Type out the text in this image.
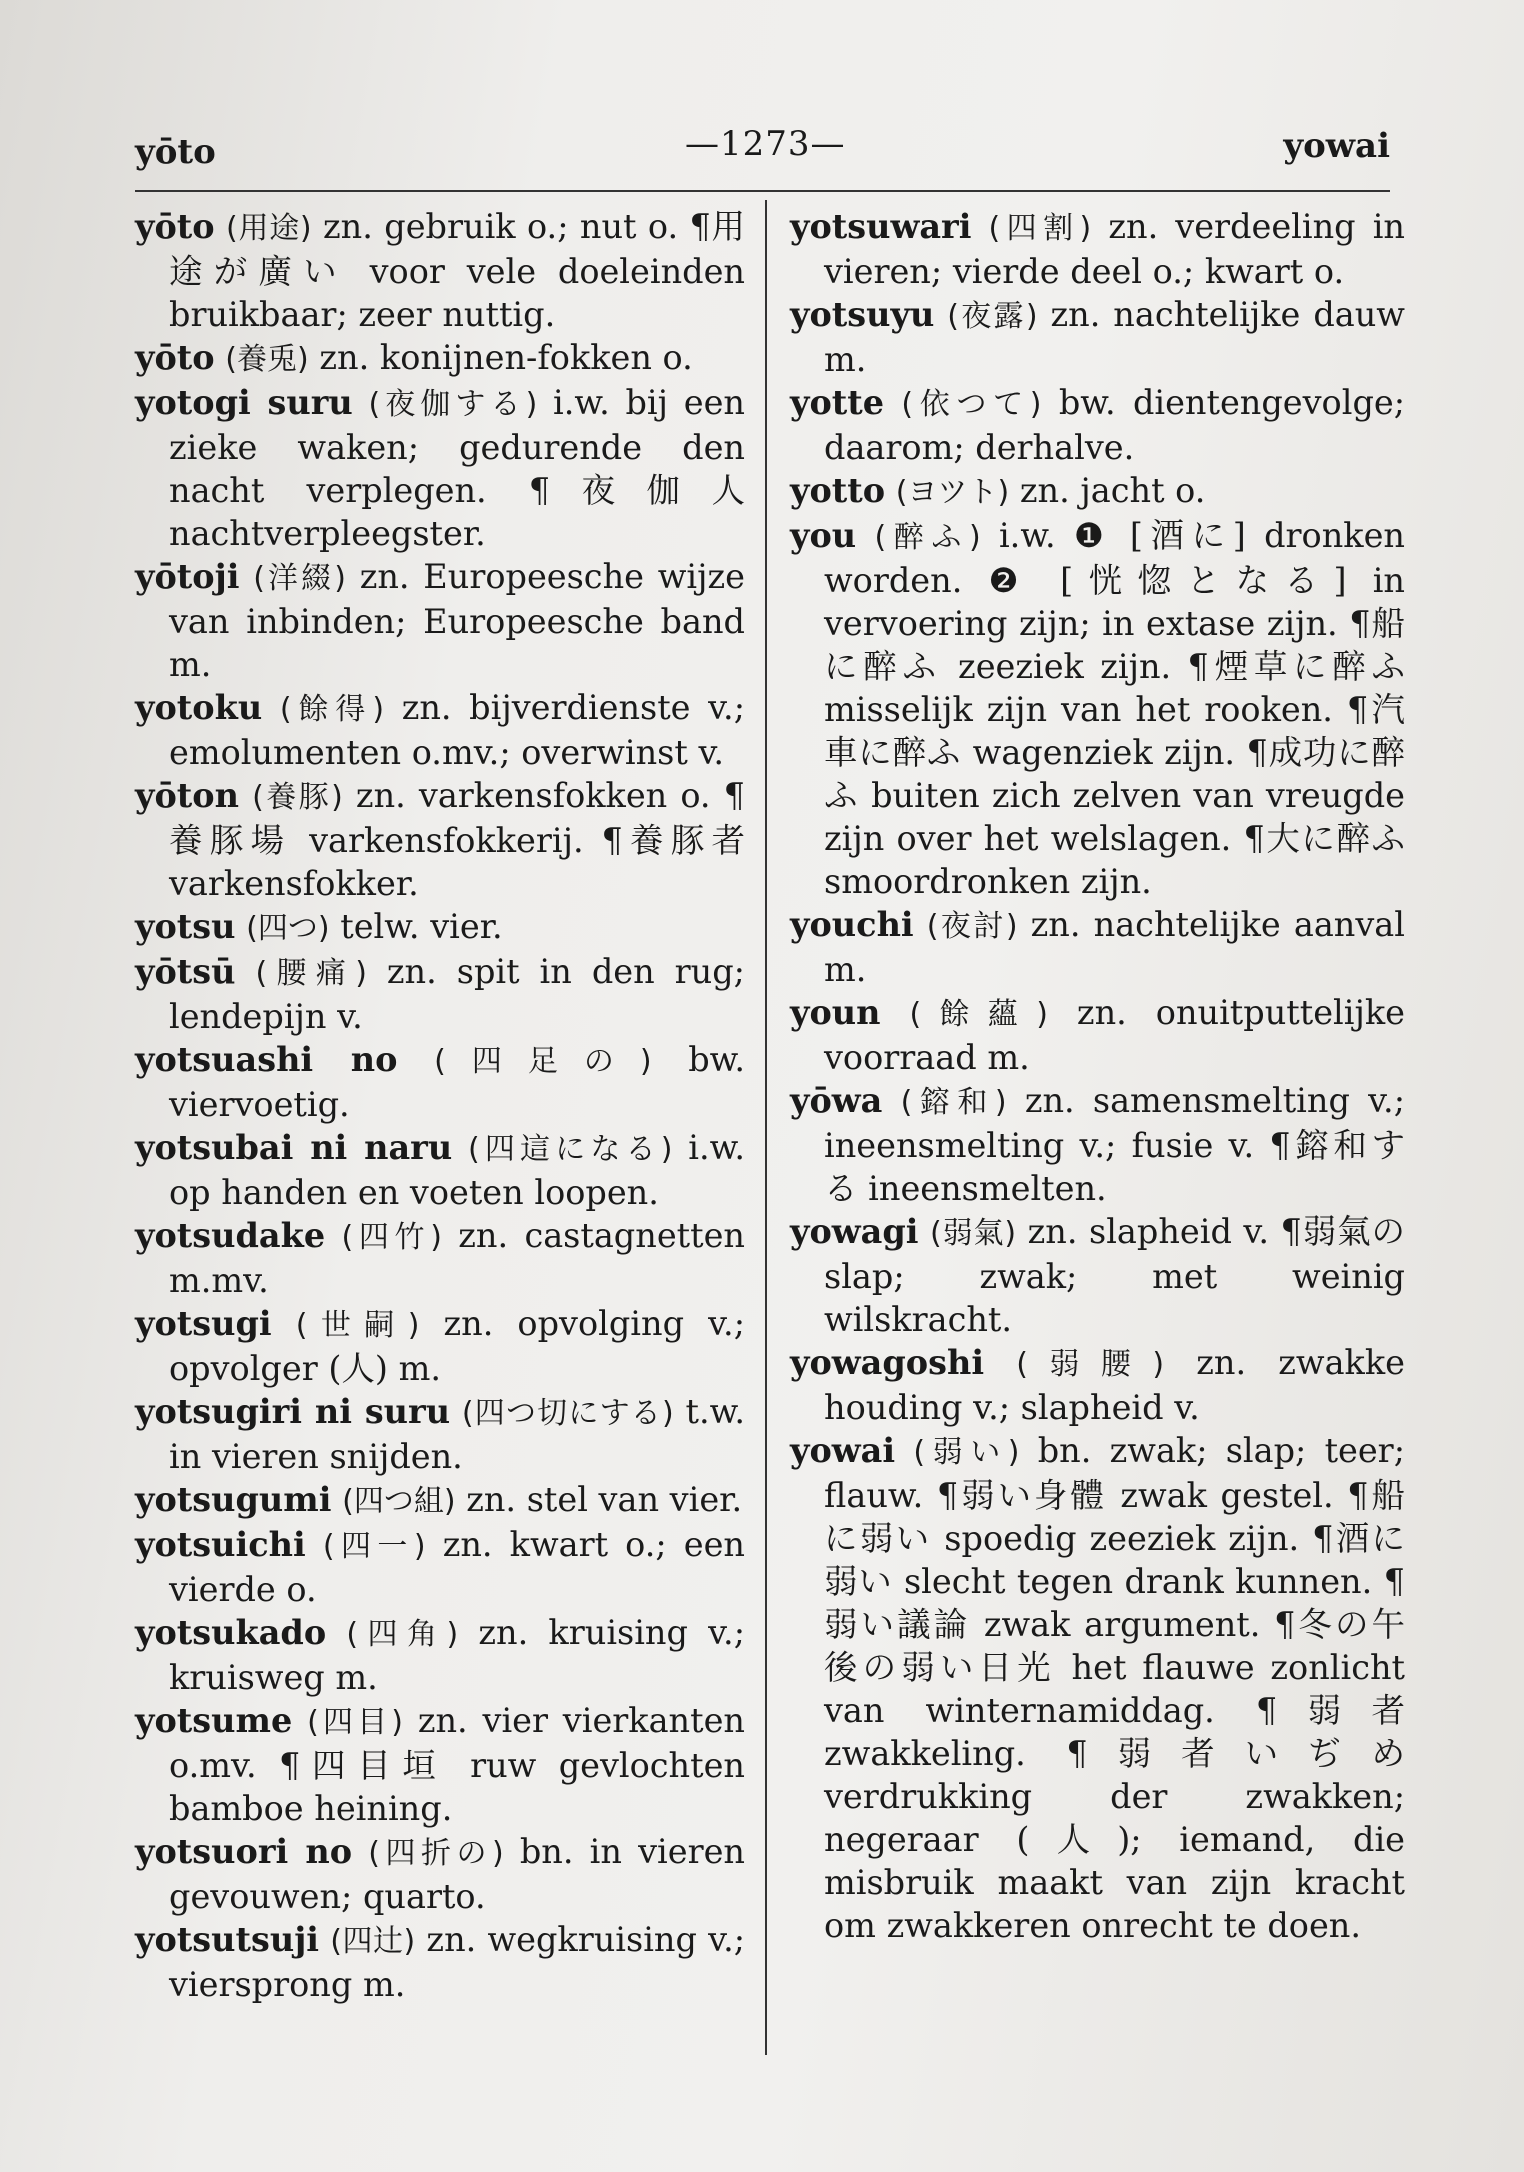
yōto	—1273—	yowai
yōto (用途) zn. gebruik o.; nut o. ¶用途が廣い voor vele doeleinden bruikbaar; zeer nuttig.
yōto (養兎) zn. konijnen-fokken o.
yotogi suru (夜伽する) i.w. bij een zieke waken; gedurende den nacht verplegen. ¶夜伽人 nachtverpleegster.
yōtoji (洋綴) zn. Europeesche wijze van inbinden; Europeesche band m.
yotoku (餘得) zn. bijverdienste v.; emolumenten o.mv.; overwinst v.
yōton (養豚) zn. varkensfokken o. ¶養豚場 varkensfokkerij. ¶養豚者 varkensfokker.
yotsu (四つ) telw. vier.
yōtsū (腰痛) zn. spit in den rug; lendepijn v.
yotsuashi no (四足の) bw. viervoetig.
yotsubai ni naru (四這になる) i.w. op handen en voeten loopen.
yotsudake (四竹) zn. castagnetten m.mv.
yotsugi (世嗣) zn. opvolging v.; opvolger (人) m.
yotsugiri ni suru (四つ切にする) t.w. in vieren snijden.
yotsugumi (四つ組) zn. stel van vier.
yotsuichi (四一) zn. kwart o.; een vierde o.
yotsukado (四角) zn. kruising v.; kruisweg m.
yotsume (四目) zn. vier vierkanten o.mv. ¶四目垣 ruw gevlochten bamboe heining.
yotsuori no (四折の) bn. in vieren gevouwen; quarto.
yotsutsuji (四辻) zn. wegkruising v.; viersprong m.
yotsuwari (四割) zn. verdeeling in vieren; vierde deel o.; kwart o.
yotsuyu (夜露) zn. nachtelijke dauw m.
yotte (依つて) bw. dientengevolge; daarom; derhalve.
yotto (ヨツト) zn. jacht o.
you (醉ふ) i.w. ❶ [酒に] dronken worden. ❷ [恍惚となる] in vervoering zijn; in extase zijn. ¶船に醉ふ zeeziek zijn. ¶煙草に醉ふ misselijk zijn van het rooken. ¶汽車に醉ふ wagenziek zijn. ¶成功に醉ふ buiten zich zelven van vreugde zijn over het welslagen. ¶大に醉ふ smoordronken zijn.
youchi (夜討) zn. nachtelijke aanval m.
youn (餘蘊) zn. onuitputtelijke voorraad m.
yōwa (鎔和) zn. samensmelting v.; ineensmelting v.; fusie v. ¶鎔和する ineensmelten.
yowagi (弱氣) zn. slapheid v. ¶弱氣の slap; zwak; met weinig wilskracht.
yowagoshi (弱腰) zn. zwakke houding v.; slapheid v.
yowai (弱い) bn. zwak; slap; teer; flauw. ¶弱い身體 zwak gestel. ¶船に弱い spoedig zeeziek zijn. ¶酒に弱い slecht tegen drank kunnen. ¶弱い議論 zwak argument. ¶冬の午後の弱い日光 het flauwe zonlicht van winternamiddag. ¶弱者 zwakkeling. ¶弱者いぢめ verdrukking der zwakken; negeraar (人); iemand, die misbruik maakt van zijn kracht om zwakkeren onrecht te doen.
